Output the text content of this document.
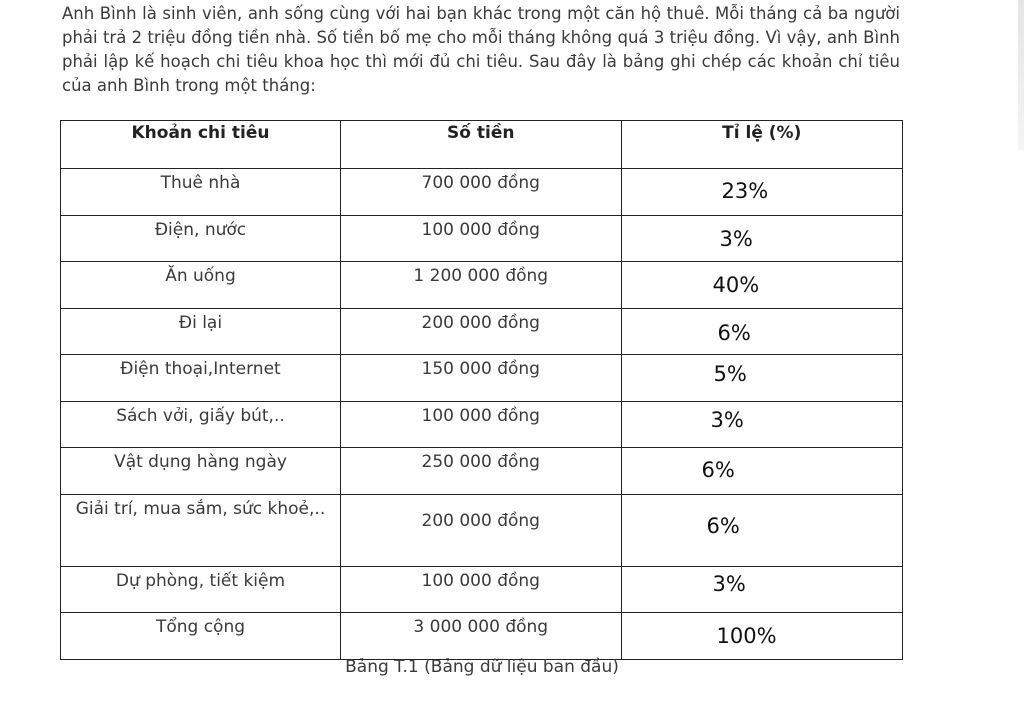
Anh Bình là sinh viên, anh sống cùng với hai bạn khác trong một căn hộ thuê. Mỗi tháng cả ba người phải trả 2 triệu đồng tiền nhà. Số tiền bố mẹ cho mỗi tháng không quá 3 triệu đồng. Vì vậy, anh Bình phải lập kế hoạch chi tiêu khoa học thì mới đủ chi tiêu. Sau đây là bảng ghi chép các khoản chỉ tiêu của anh Bình trong một tháng:

Khoản chi tiêu	Số tiền	Tỉ lệ (%)
Thuê nhà	700 000 đồng	23%

Điện, nước	100 000 đồng	3%

Ăn uống	1 200 000 đồng	40%

Đi lại	200 000 đồng	6%

Điện thoại,Internet	150 000 đồng	5%

Sách vởi, giấy bút,..	100 000 đồng	3%

Vật dụng hàng ngày	250 000 đồng	6%

Giải trí, mua sắm, sức khoẻ,..	200 000 đồng	6%

Dự phòng, tiết kiệm	100 000 đồng	3%

Tổng cộng	3 000 000 đồng	100%
Bảng T.1 (Bảng dữ liệu ban đầu)
